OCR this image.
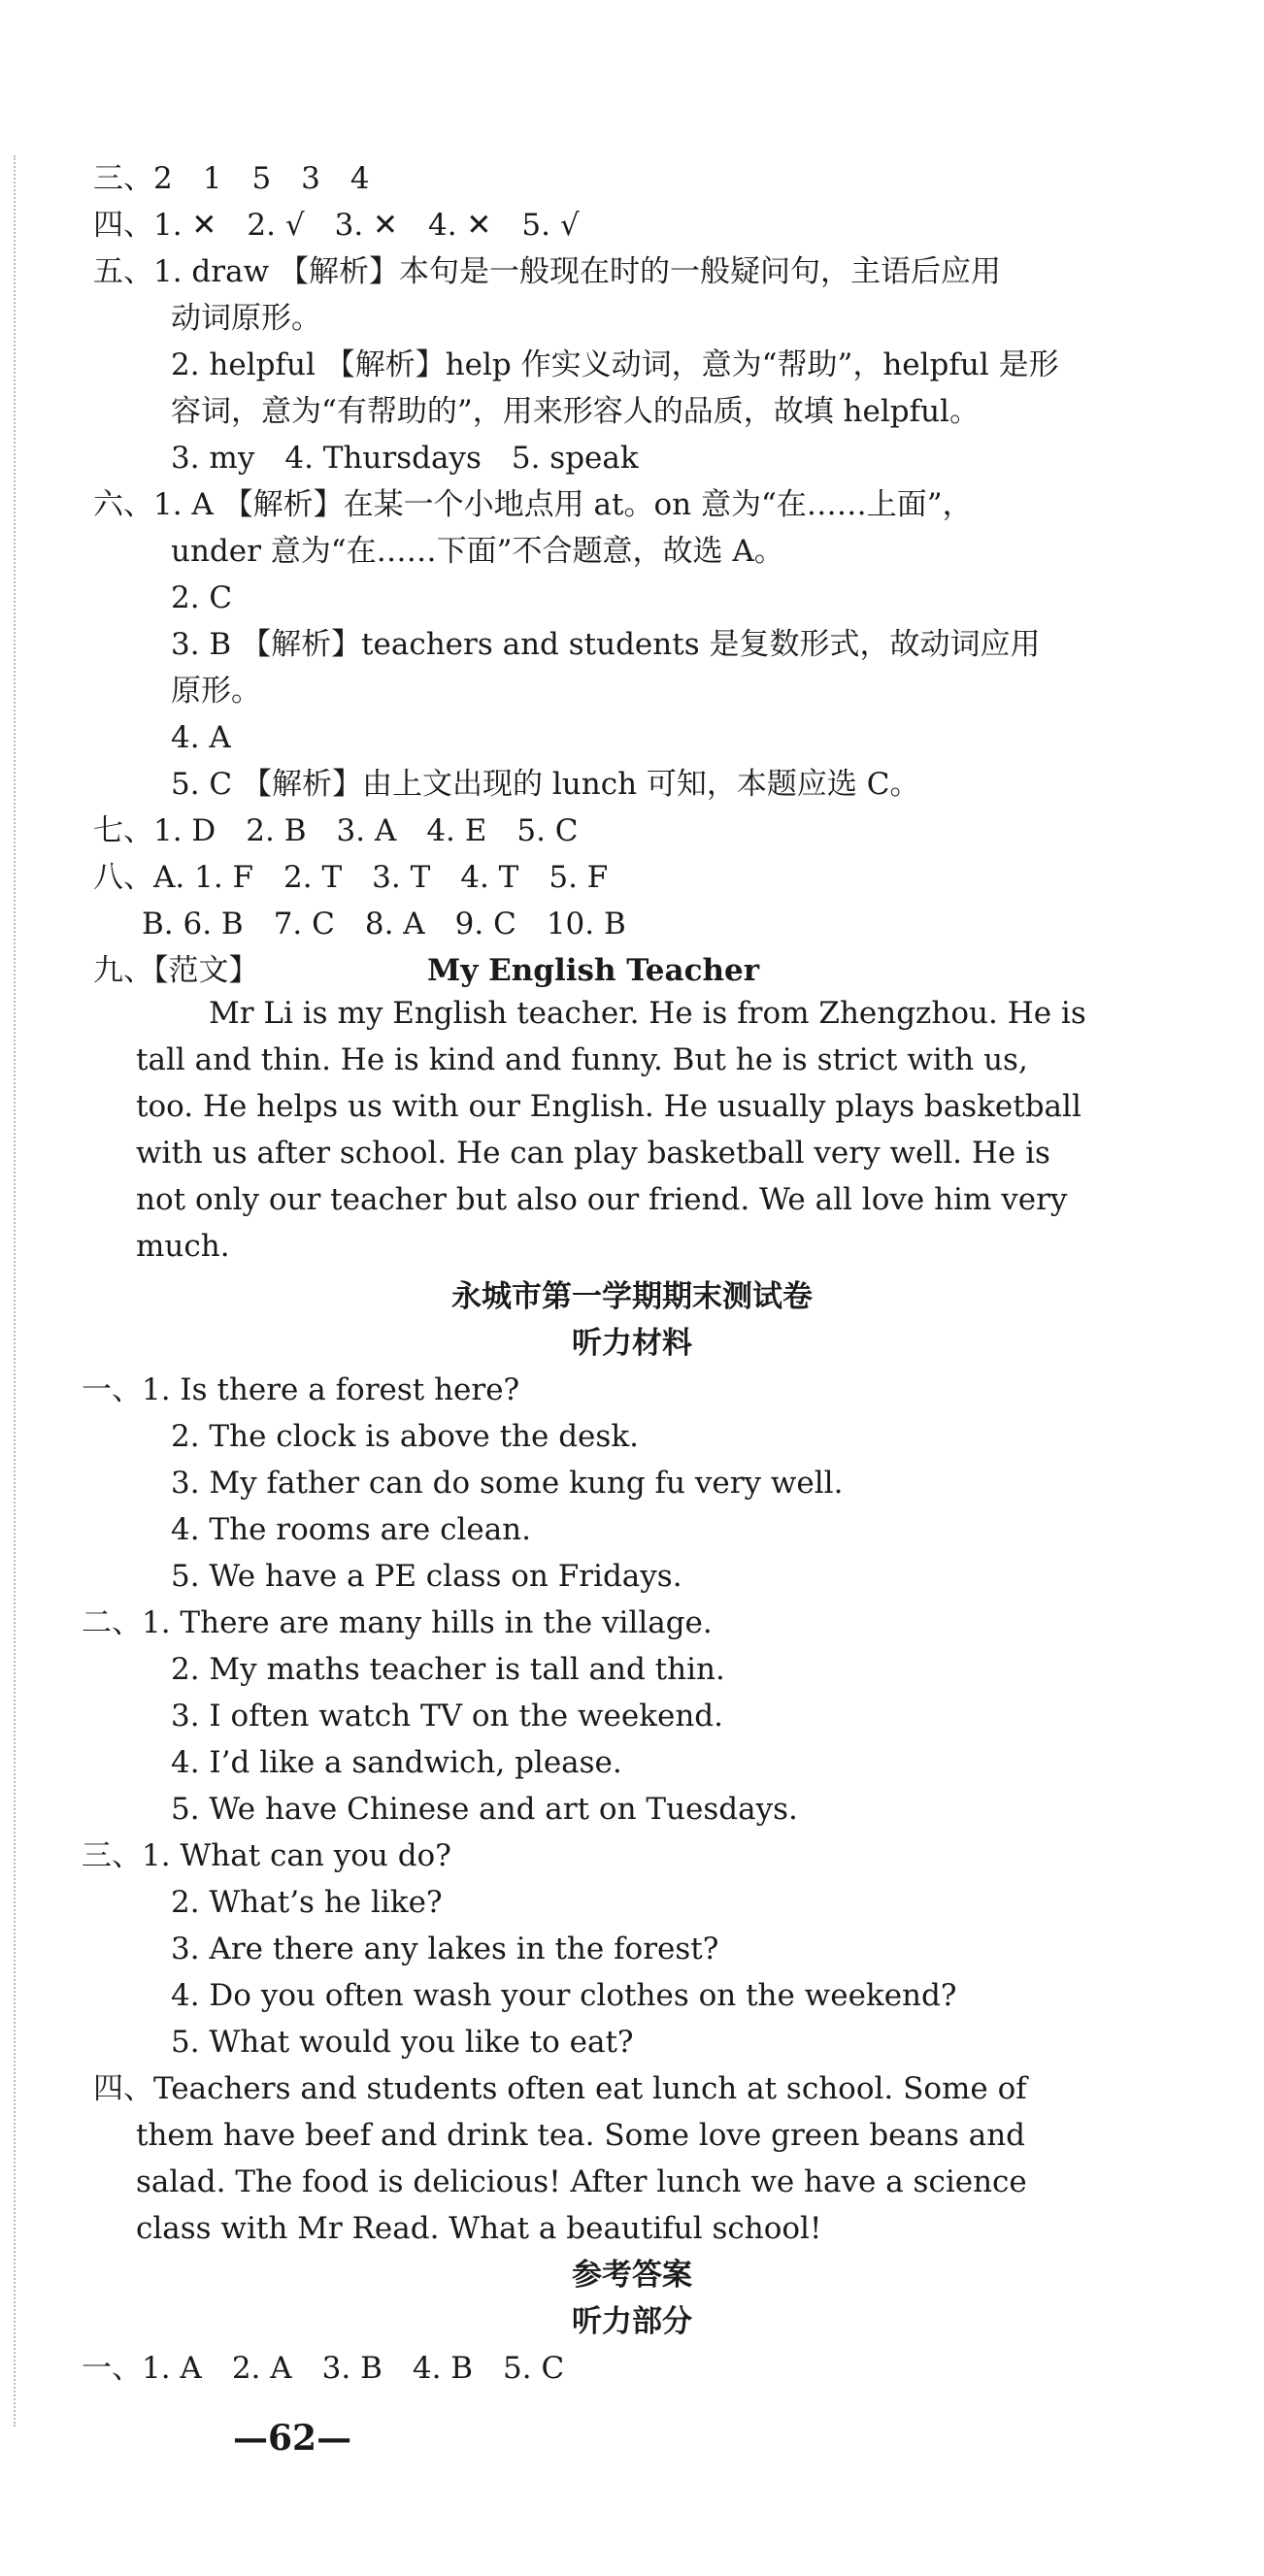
三、2　1　5　3　4
四、1. ✕　2. √　3. ✕　4. ✕　5. √
五、1. draw 【解析】本句是一般现在时的一般疑问句，主语后应用
动词原形。
2. helpful 【解析】help 作实义动词，意为“帮助”，helpful 是形
容词，意为“有帮助的”，用来形容人的品质，故填 helpful。
3. my　4. Thursdays　5. speak
六、1. A 【解析】在某一个小地点用 at。on 意为“在……上面”，
under 意为“在……下面”不合题意，故选 A。
2. C
3. B 【解析】teachers and students 是复数形式，故动词应用
原形。
4. A
5. C 【解析】由上文出现的 lunch 可知，本题应选 C。
七、1. D　2. B　3. A　4. E　5. C
八、A. 1. F　2. T　3. T　4. T　5. F
B. 6. B　7. C　8. A　9. C　10. B
九、【范文】	My English Teacher
Mr Li is my English teacher. He is from Zhengzhou. He is
tall and thin. He is kind and funny. But he is strict with us,
too. He helps us with our English. He usually plays basketball
with us after school. He can play basketball very well. He is
not only our teacher but also our friend. We all love him very
much.
永城市第一学期期末测试卷
听力材料
一、1. Is there a forest here?
2. The clock is above the desk.
3. My father can do some kung fu very well.
4. The rooms are clean.
5. We have a PE class on Fridays.
二、1. There are many hills in the village.
2. My maths teacher is tall and thin.
3. I often watch TV on the weekend.
4. I’d like a sandwich, please.
5. We have Chinese and art on Tuesdays.
三、1. What can you do?
2. What’s he like?
3. Are there any lakes in the forest?
4. Do you often wash your clothes on the weekend?
5. What would you like to eat?
四、Teachers and students often eat lunch at school. Some of
them have beef and drink tea. Some love green beans and
salad. The food is delicious! After lunch we have a science
class with Mr Read. What a beautiful school!
参考答案
听力部分
一、1. A　2. A　3. B　4. B　5. C
—62—
